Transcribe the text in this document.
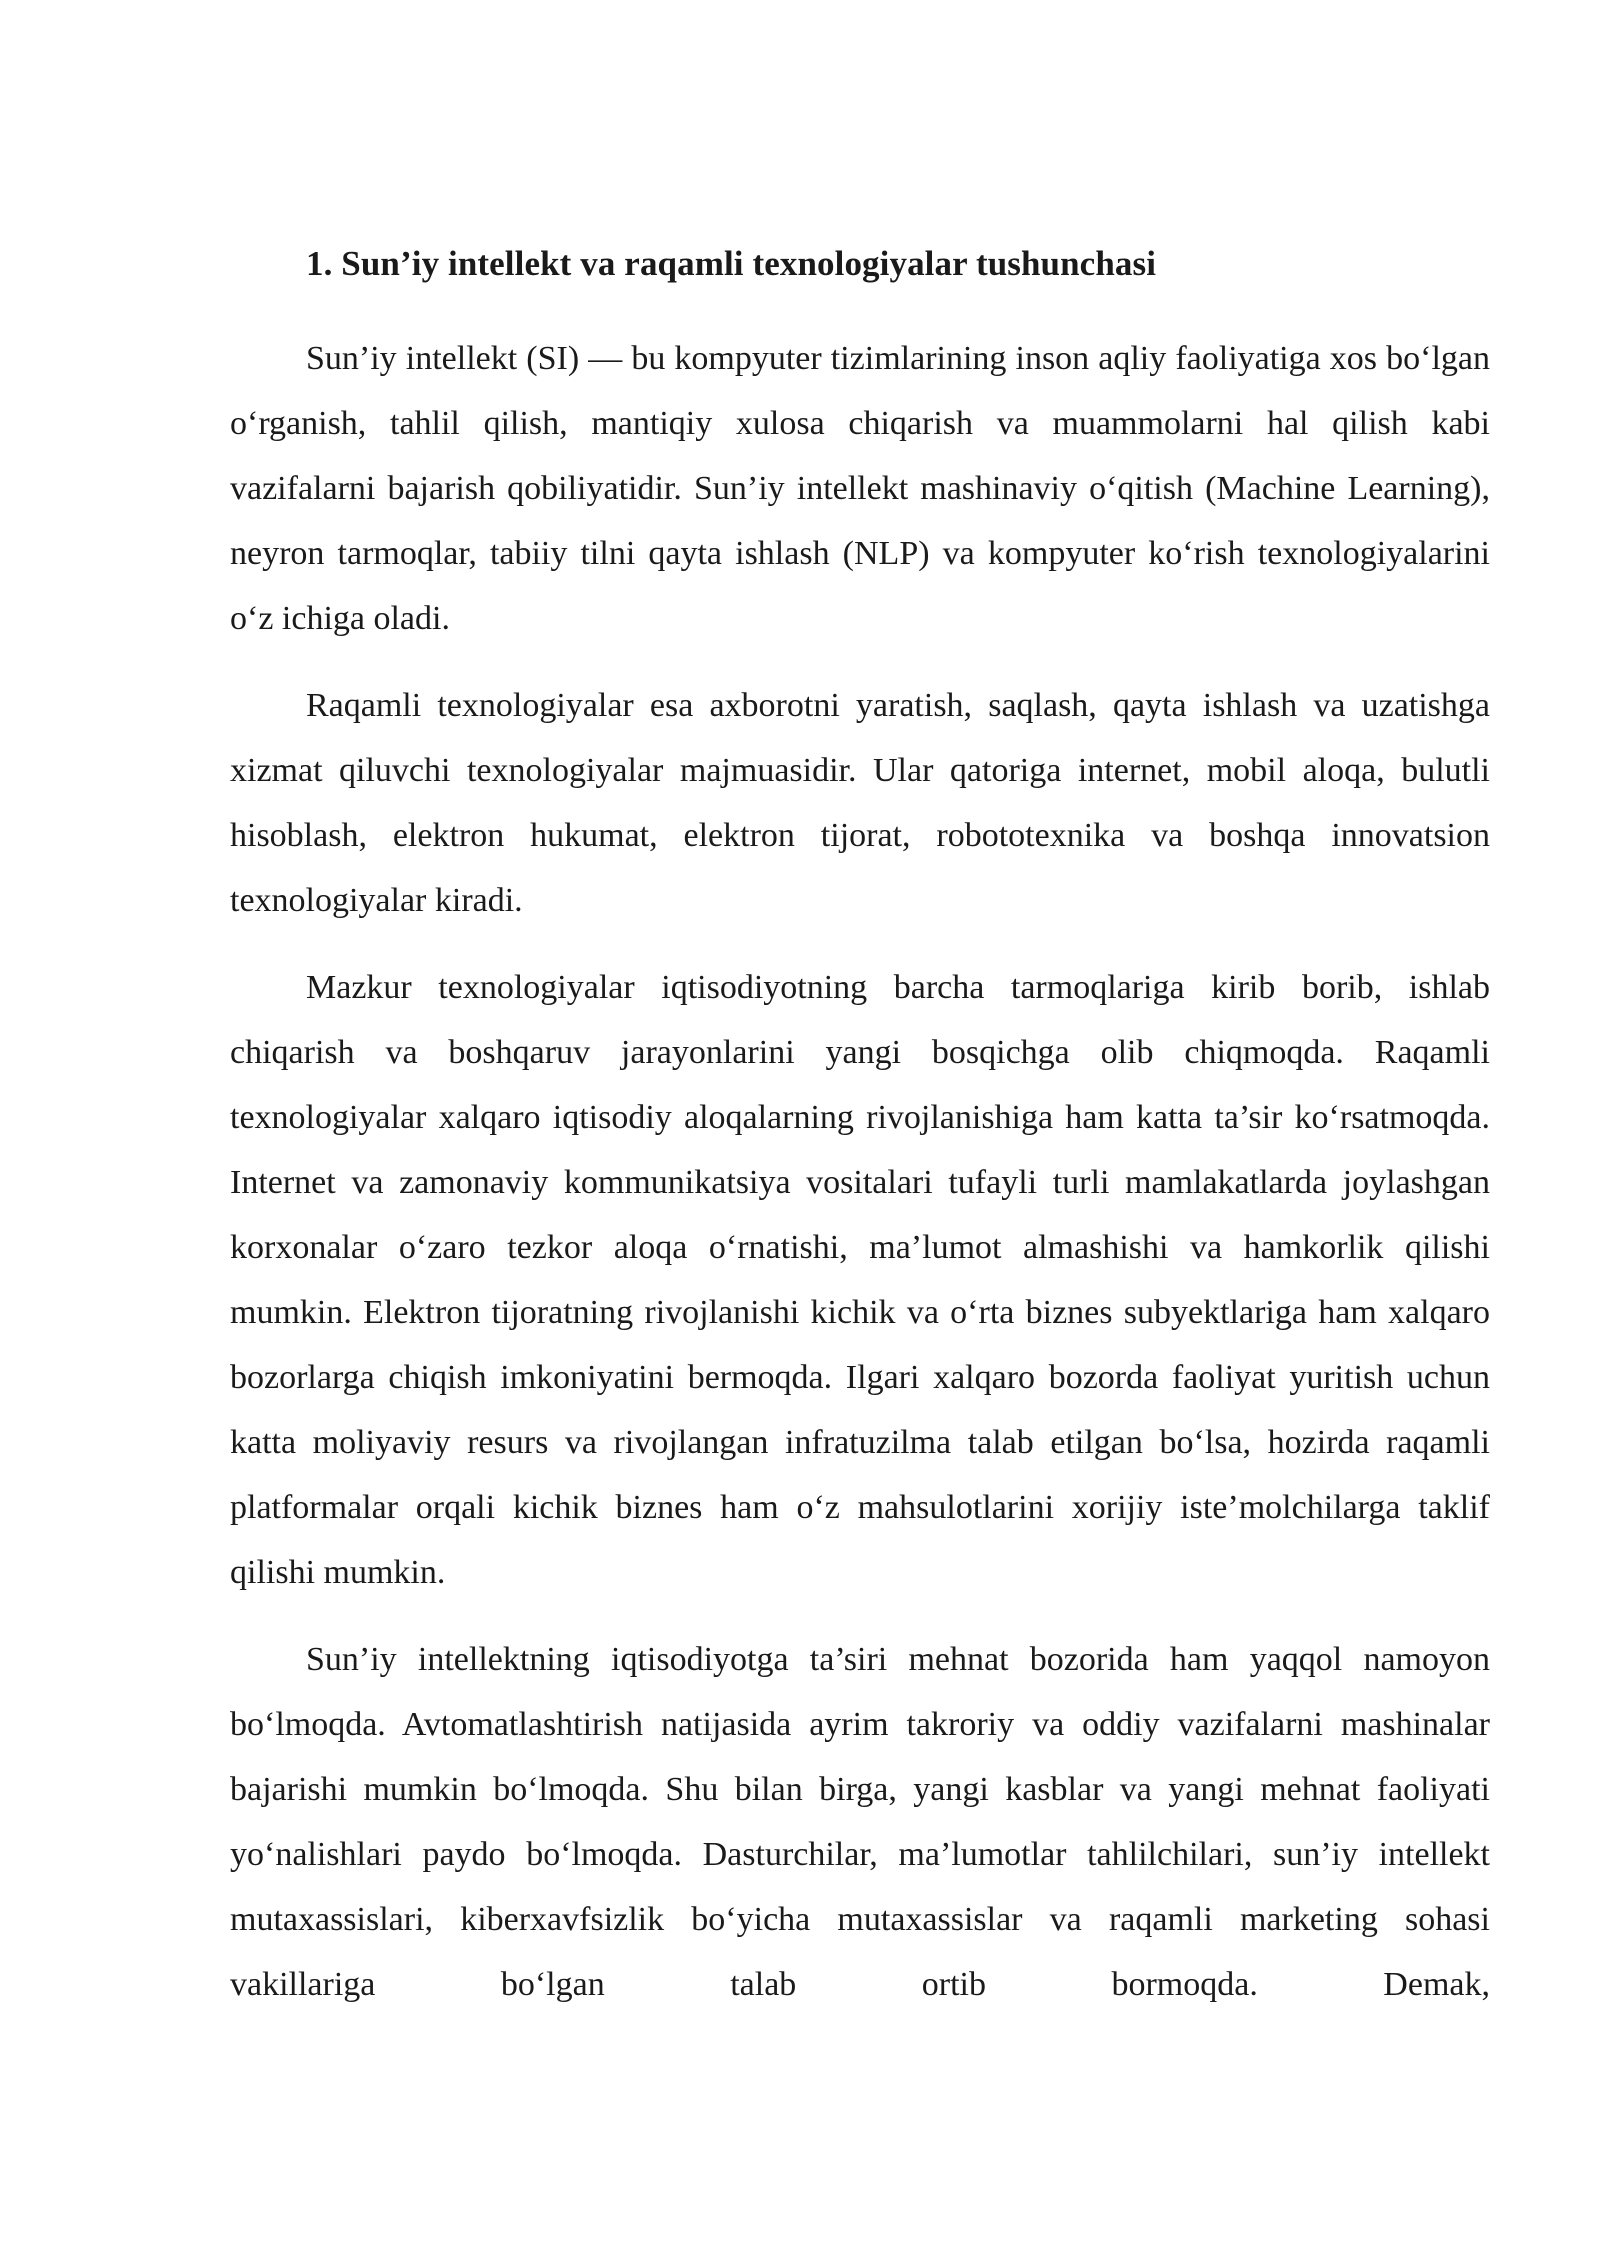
1. Sun’iy intellekt va raqamli texnologiyalar tushunchasi

Sun’iy intellekt (SI) — bu kompyuter tizimlarining inson aqliy faoliyatiga xos bo‘lgan o‘rganish, tahlil qilish, mantiqiy xulosa chiqarish va muammolarni hal qilish kabi vazifalarni bajarish qobiliyatidir. Sun’iy intellekt mashinaviy o‘qitish (Machine Learning), neyron tarmoqlar, tabiiy tilni qayta ishlash (NLP) va kompyuter ko‘rish texnologiyalarini o‘z ichiga oladi.

Raqamli texnologiyalar esa axborotni yaratish, saqlash, qayta ishlash va uzatishga xizmat qiluvchi texnologiyalar majmuasidir. Ular qatoriga internet, mobil aloqa, bulutli hisoblash, elektron hukumat, elektron tijorat, robototexnika va boshqa innovatsion texnologiyalar kiradi.

Mazkur texnologiyalar iqtisodiyotning barcha tarmoqlariga kirib borib, ishlab chiqarish va boshqaruv jarayonlarini yangi bosqichga olib chiqmoqda. Raqamli texnologiyalar xalqaro iqtisodiy aloqalarning rivojlanishiga ham katta ta’sir ko‘rsatmoqda. Internet va zamonaviy kommunikatsiya vositalari tufayli turli mamlakatlarda joylashgan korxonalar o‘zaro tezkor aloqa o‘rnatishi, ma’lumot almashishi va hamkorlik qilishi mumkin. Elektron tijoratning rivojlanishi kichik va o‘rta biznes subyektlariga ham xalqaro bozorlarga chiqish imkoniyatini bermoqda. Ilgari xalqaro bozorda faoliyat yuritish uchun katta moliyaviy resurs va rivojlangan infratuzilma talab etilgan bo‘lsa, hozirda raqamli platformalar orqali kichik biznes ham o‘z mahsulotlarini xorijiy iste’molchilarga taklif qilishi mumkin.

Sun’iy intellektning iqtisodiyotga ta’siri mehnat bozorida ham yaqqol namoyon bo‘lmoqda. Avtomatlashtirish natijasida ayrim takroriy va oddiy vazifalarni mashinalar bajarishi mumkin bo‘lmoqda. Shu bilan birga, yangi kasblar va yangi mehnat faoliyati yo‘nalishlari paydo bo‘lmoqda. Dasturchilar, ma’lumotlar tahlilchilari, sun’iy intellekt mutaxassislari, kiberxavfsizlik bo‘yicha mutaxassislar va raqamli marketing sohasi vakillariga bo‘lgan talab ortib bormoqda. Demak,
